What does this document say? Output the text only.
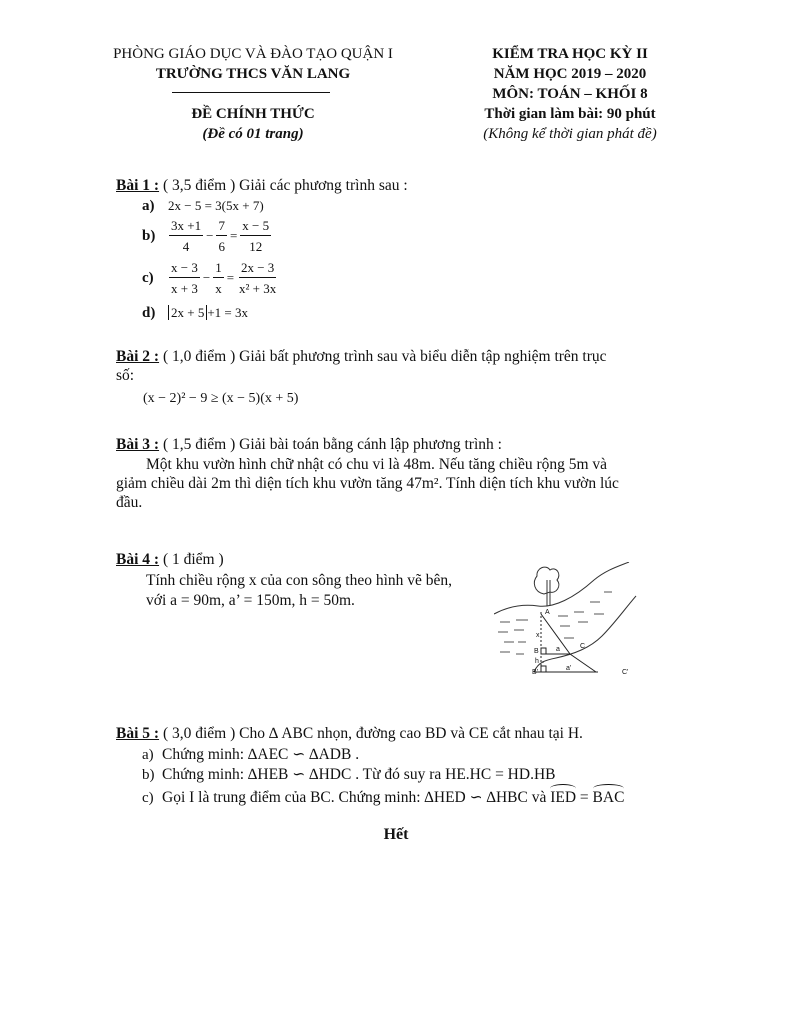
PHÒNG GIÁO DỤC VÀ ĐÀO TẠO QUẬN I
TRƯỜNG THCS VĂN LANG
ĐỀ CHÍNH THỨC
(Đề có 01 trang)
KIỂM TRA HỌC KỲ II
NĂM HỌC 2019 – 2020
MÔN: TOÁN – KHỐI 8
Thời gian làm bài: 90 phút
(Không kể thời gian phát đề)
Bài 1 : ( 3,5 điểm ) Giải các phương trình sau :
a) 2x − 5 = 3(5x + 7)
b)	$\frac{3x +1}{4} - \frac{7}{6} = \frac{x - 5}{12}$
c)	$\frac{x - 3}{x + 3} - \frac{1}{x} = \frac{2x - 3}{\text{x² + 3x}}$
d) 2x + 5 +1 = 3x
Bài 2 : ( 1,0 điểm ) Giải bất phương trình sau và biểu diễn tập nghiệm trên trục
số:
(x − 2)² − 9 ≥ (x − 5)(x + 5)
Bài 3 : ( 1,5 điểm ) Giải bài toán bằng cánh lập phương trình :
Một khu vườn hình chữ nhật có chu vi là 48m. Nếu tăng chiều rộng 5m và
giảm chiều dài 2m thì diện tích khu vườn tăng 47m². Tính diện tích khu vườn lúc
đầu.
Bài 4 : ( 1 điểm )
Tính chiều rộng x của con sông theo hình vẽ bên,
với a = 90m, a’ = 150m, h = 50m.
A
x
B
h
a	C
B'
a'
C'
Bài 5 : ( 3,0 điểm ) Cho ∆ ABC nhọn, đường cao BD và CE cắt nhau tại H.
a) Chứng minh: ∆AEC ∽ ∆ADB .
b) Chứng minh: ∆HEB ∽ ∆HDC . Từ đó suy ra HE.HC = HD.HB
c) Gọi I là trung điểm của BC. Chứng minh: ∆HED ∽ ∆HBC và IED = BAC
Hết
